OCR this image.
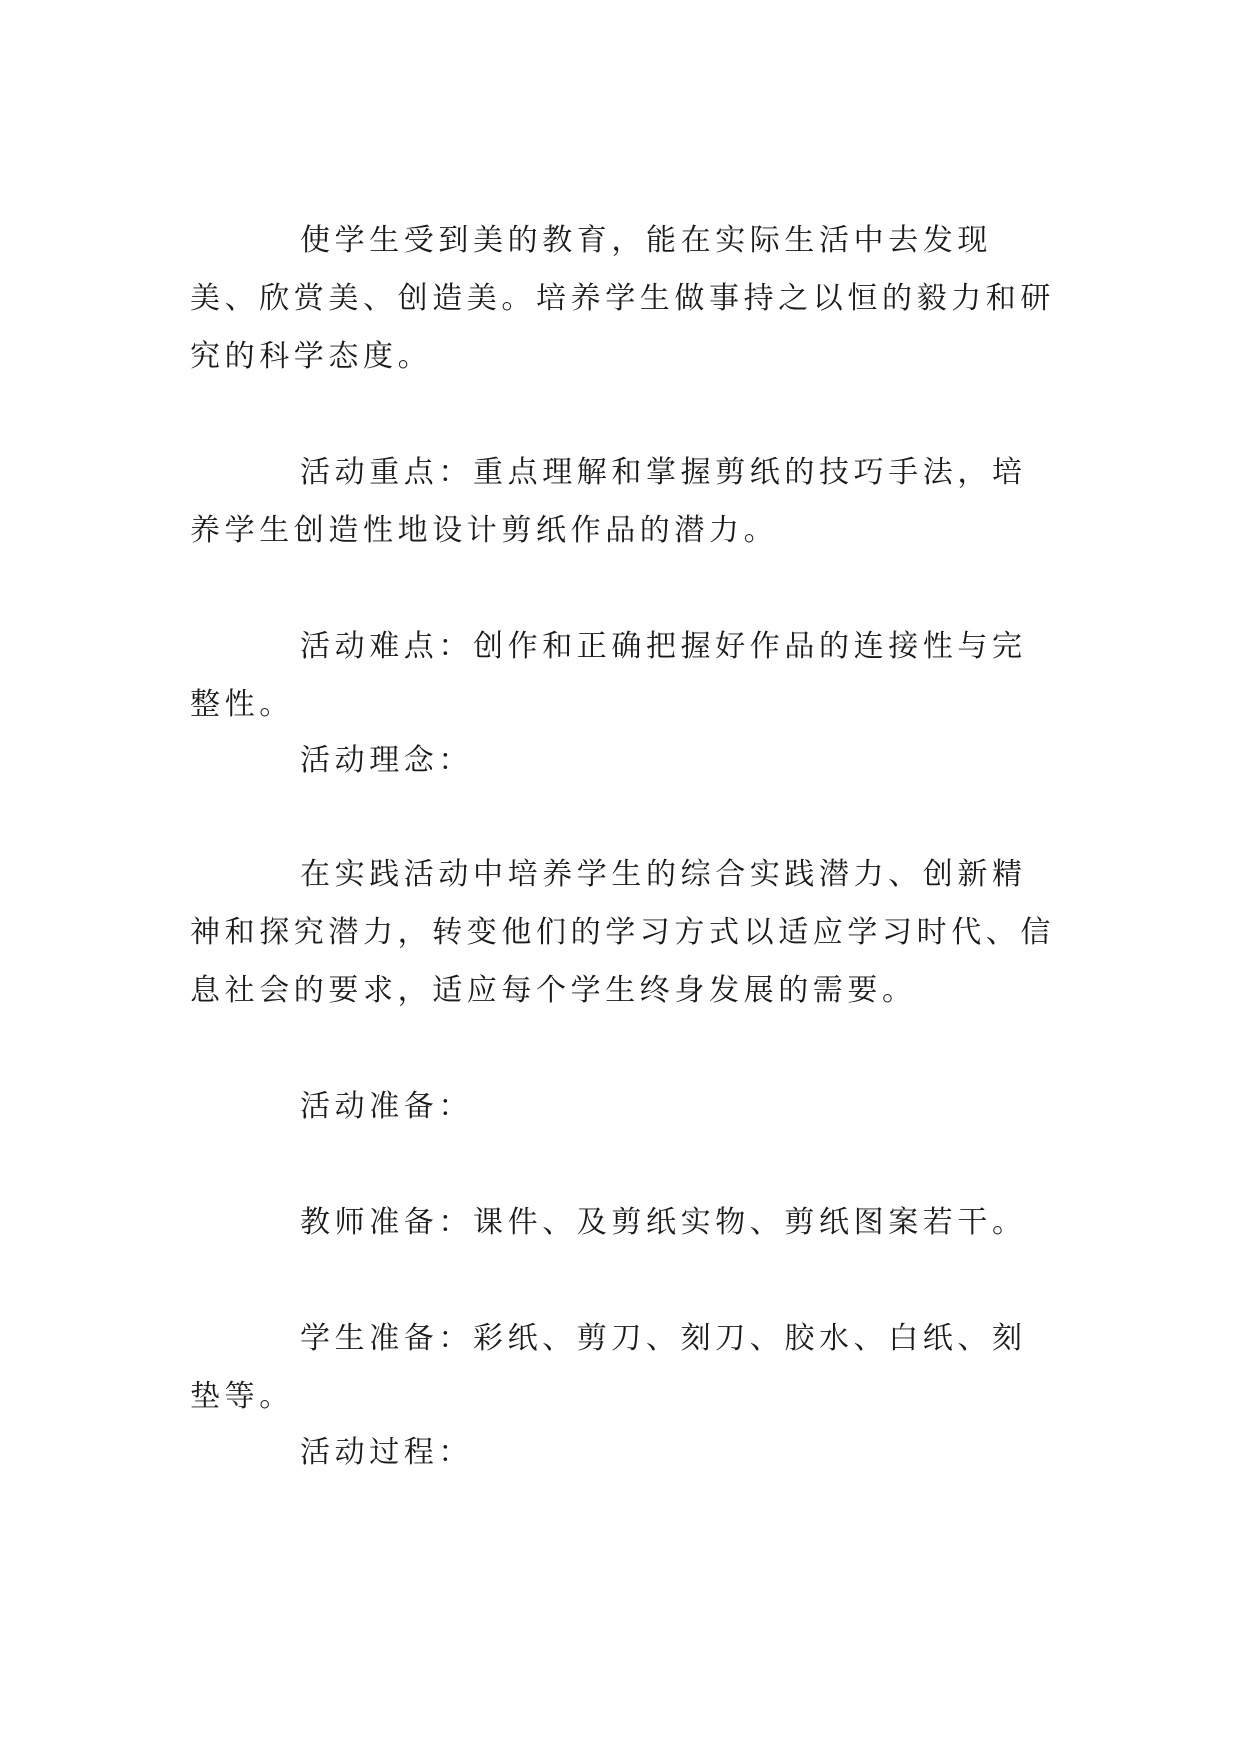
使学生受到美的教育，能在实际生活中去发现美、欣赏美、创造美。培养学生做事持之以恒的毅力和研究的科学态度。

活动重点：重点理解和掌握剪纸的技巧手法，培养学生创造性地设计剪纸作品的潜力。

活动难点：创作和正确把握好作品的连接性与完整性。

活动理念：

在实践活动中培养学生的综合实践潜力、创新精神和探究潜力，转变他们的学习方式以适应学习时代、信息社会的要求，适应每个学生终身发展的需要。

活动准备：

教师准备：课件、及剪纸实物、剪纸图案若干。

学生准备：彩纸、剪刀、刻刀、胶水、白纸、刻垫等。

活动过程：
